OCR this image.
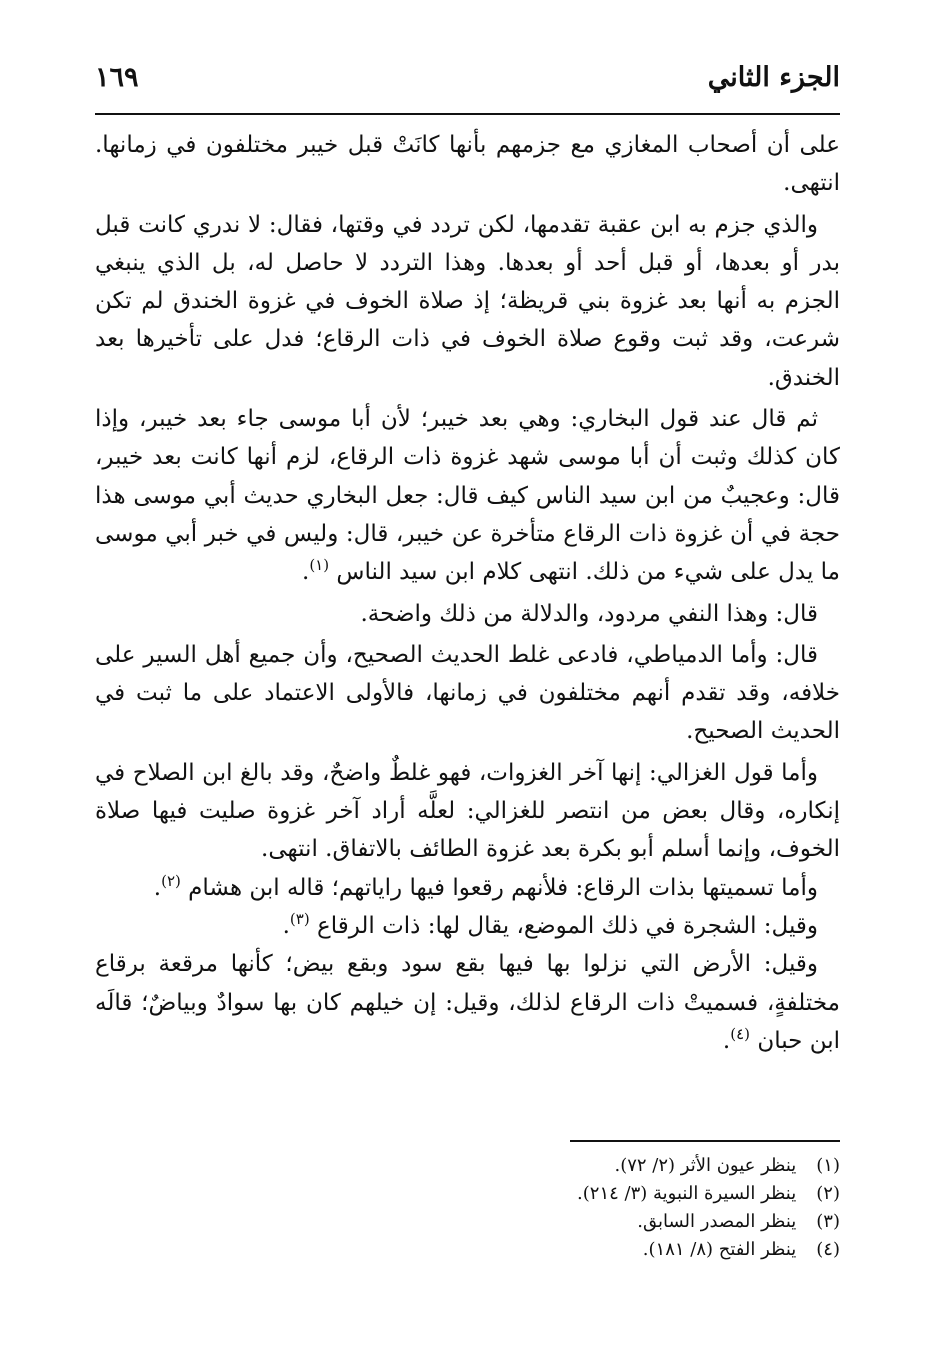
الجزء الثاني
١٦٩

على أن أصحاب المغازي مع جزمهم بأنها كانَتْ قبل خيبر مختلفون في زمانها. انتهى.

والذي جزم به ابن عقبة تقدمها، لكن تردد في وقتها، فقال: لا ندري كانت قبل بدر أو بعدها، أو قبل أحد أو بعدها. وهذا التردد لا حاصل له، بل الذي ينبغي الجزم به أنها بعد غزوة بني قريظة؛ إذ صلاة الخوف في غزوة الخندق لم تكن شرعت، وقد ثبت وقوع صلاة الخوف في ذات الرقاع؛ فدل على تأخيرها بعد الخندق.

ثم قال عند قول البخاري: وهي بعد خيبر؛ لأن أبا موسى جاء بعد خيبر، وإذا كان كذلك وثبت أن أبا موسى شهد غزوة ذات الرقاع، لزم أنها كانت بعد خيبر، قال: وعجيبٌ من ابن سيد الناس كيف قال: جعل البخاري حديث أبي موسى هذا حجة في أن غزوة ذات الرقاع متأخرة عن خيبر، قال: وليس في خبر أبي موسى ما يدل على شيء من ذلك. انتهى كلام ابن سيد الناس $^{(١)}$.

قال: وهذا النفي مردود، والدلالة من ذلك واضحة.

قال: وأما الدمياطي، فادعى غلط الحديث الصحيح، وأن جميع أهل السير على خلافه، وقد تقدم أنهم مختلفون في زمانها، فالأولى الاعتماد على ما ثبت في الحديث الصحيح.

وأما قول الغزالي: إنها آخر الغزوات، فهو غلطٌ واضحٌ، وقد بالغ ابن الصلاح في إنكاره، وقال بعض من انتصر للغزالي: لعلَّه أراد آخر غزوة صليت فيها صلاة الخوف، وإنما أسلم أبو بكرة بعد غزوة الطائف بالاتفاق. انتهى.

وأما تسميتها بذات الرقاع: فلأنهم رقعوا فيها راياتهم؛ قاله ابن هشام $^{(٢)}$.

وقيل: الشجرة في ذلك الموضع، يقال لها: ذات الرقاع $^{(٣)}$.

وقيل: الأرض التي نزلوا بها فيها بقع سود وبقع بيض؛ كأنها مرقعة برقاع مختلفةٍ، فسميتْ ذات الرقاع لذلك، وقيل: إن خيلهم كان بها سوادٌ وبياضٌ؛ قالَه ابن حبان $^{(٤)}$.

(١) ينظر عيون الأثر (٢/ ٧٢).
(٢) ينظر السيرة النبوية (٣/ ٢١٤).
(٣) ينظر المصدر السابق.
(٤) ينظر الفتح (٨/ ١٨١).
